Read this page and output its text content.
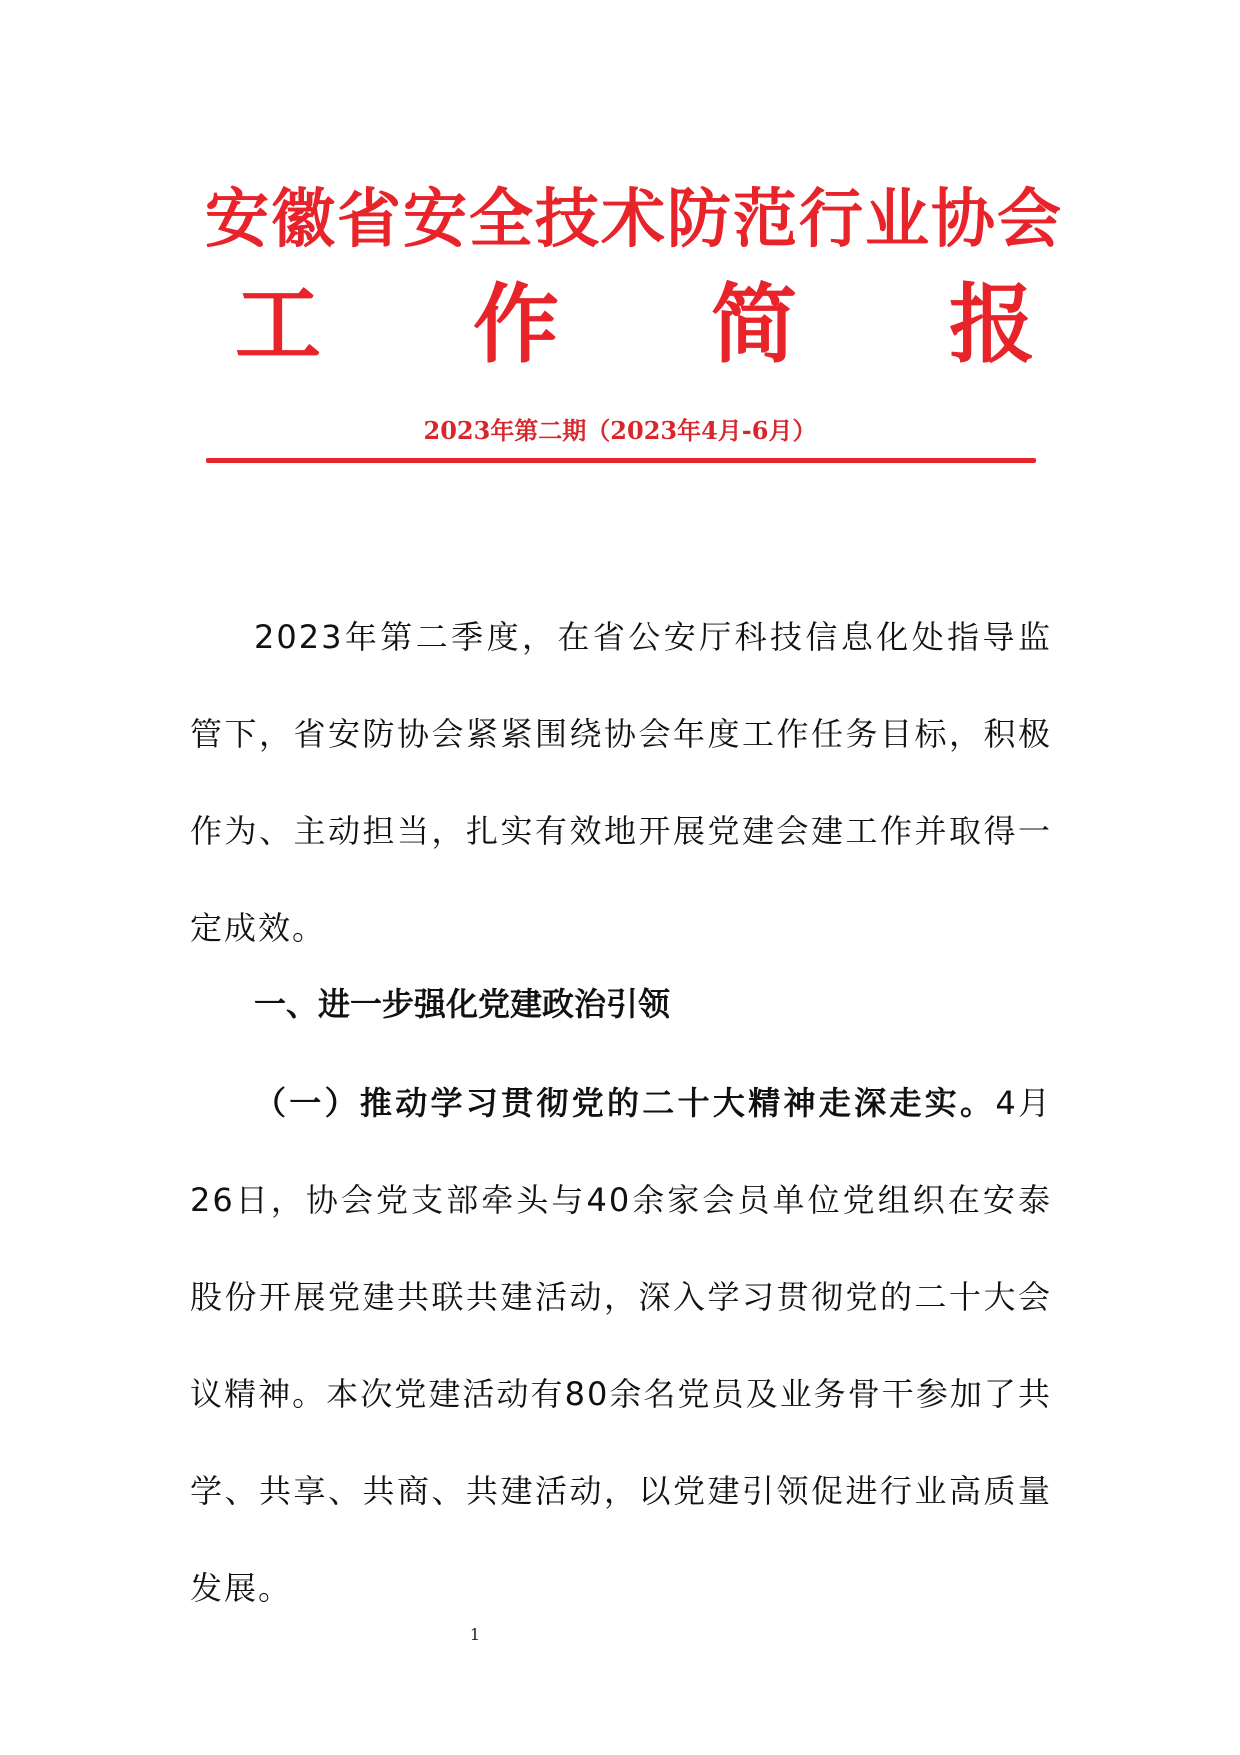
安徽省安全技术防范行业协会
工 作 简 报
2023年第二期（2023年4月-6月）

2023年第二季度，在省公安厅科技信息化处指导监管下，省安防协会紧紧围绕协会年度工作任务目标，积极作为、主动担当，扎实有效地开展党建会建工作并取得一定成效。

一、进一步强化党建政治引领

（一）推动学习贯彻党的二十大精神走深走实。4月26日，协会党支部牵头与40余家会员单位党组织在安泰股份开展党建共联共建活动，深入学习贯彻党的二十大会议精神。本次党建活动有80余名党员及业务骨干参加了共学、共享、共商、共建活动，以党建引领促进行业高质量发展。

1
